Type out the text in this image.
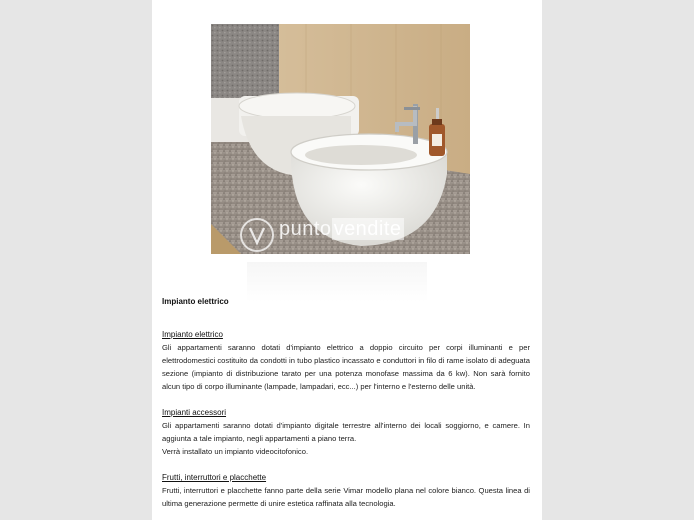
punto vendite
Impianto elettrico
Impianto elettrico
Gli appartamenti saranno dotati d'impianto elettrico a doppio circuito per corpi illuminanti e per elettrodomestici costituito da condotti in tubo plastico incassato e conduttori in filo di rame isolato di adeguata sezione (impianto di distribuzione tarato per una potenza monofase massima da 6 kw). Non sarà fornito alcun tipo di corpo illuminante (lampade, lampadari, ecc...) per l'interno e l'esterno delle unità.
Impianti accessori
Gli appartamenti saranno dotati d'impianto digitale terrestre all'interno dei locali soggiorno, e camere. In aggiunta a tale impianto, negli appartamenti a piano terra.
Verrà installato un impianto videocitofonico.
Frutti, interruttori e placchette
Frutti, interruttori e placchette fanno parte della serie Vimar modello plana nel colore bianco. Questa linea di ultima generazione permette di unire estetica raffinata alla tecnologia.
